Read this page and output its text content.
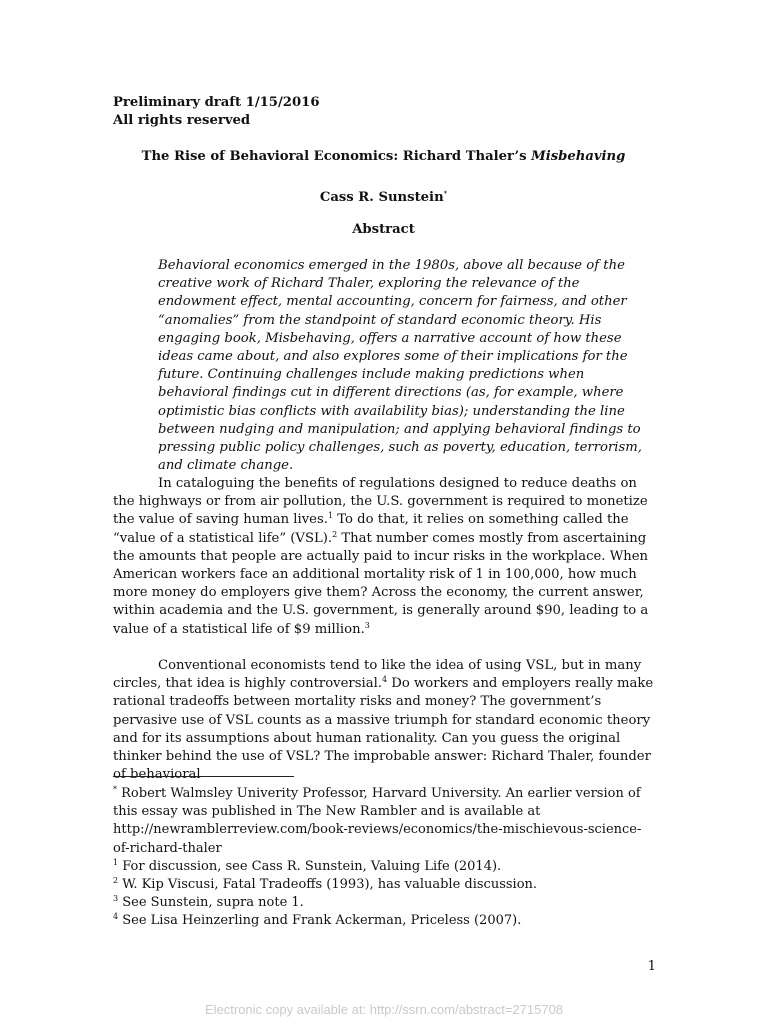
Preliminary draft 1/15/2016
All rights reserved
The Rise of Behavioral Economics: Richard Thaler’s Misbehaving
Cass R. Sunstein*
Abstract
Behavioral economics emerged in the 1980s, above all because of the creative work of Richard Thaler, exploring the relevance of the endowment effect, mental accounting, concern for fairness, and other “anomalies” from the standpoint of standard economic theory. His engaging book, Misbehaving, offers a narrative account of how these ideas came about, and also explores some of their implications for the future. Continuing challenges include making predictions when behavioral findings cut in different directions (as, for example, where optimistic bias conflicts with availability bias); understanding the line between nudging and manipulation; and applying behavioral findings to pressing public policy challenges, such as poverty, education, terrorism, and climate change.
In cataloguing the benefits of regulations designed to reduce deaths on the highways or from air pollution, the U.S. government is required to monetize the value of saving human lives.$^1$ To do that, it relies on something called the “value of a statistical life” (VSL).$^2$ That number comes mostly from ascertaining the amounts that people are actually paid to incur risks in the workplace. When American workers face an additional mortality risk of 1 in 100,000, how much more money do employers give them? Across the economy, the current answer, within academia and the U.S. government, is generally around $90, leading to a value of a statistical life of $9 million.$^3$
Conventional economists tend to like the idea of using VSL, but in many circles, that idea is highly controversial.$^4$ Do workers and employers really make rational tradeoffs between mortality risks and money? The government’s pervasive use of VSL counts as a massive triumph for standard economic theory and for its assumptions about human rationality. Can you guess the original thinker behind the use of VSL? The improbable answer: Richard Thaler, founder of behavioral

* Robert Walmsley Univerity Professor, Harvard University. An earlier version of this essay was published in The New Rambler and is available at http://newramblerreview.com/book-reviews/economics/the-mischievous-science-of-richard-thaler

$^1$ For discussion, see Cass R. Sunstein, Valuing Life (2014).

$^2$ W. Kip Viscusi, Fatal Tradeoffs (1993), has valuable discussion.

$^3$ See Sunstein, supra note 1.

$^4$ See Lisa Heinzerling and Frank Ackerman, Priceless (2007).

1
Electronic copy available at: http://ssrn.com/abstract=2715708
